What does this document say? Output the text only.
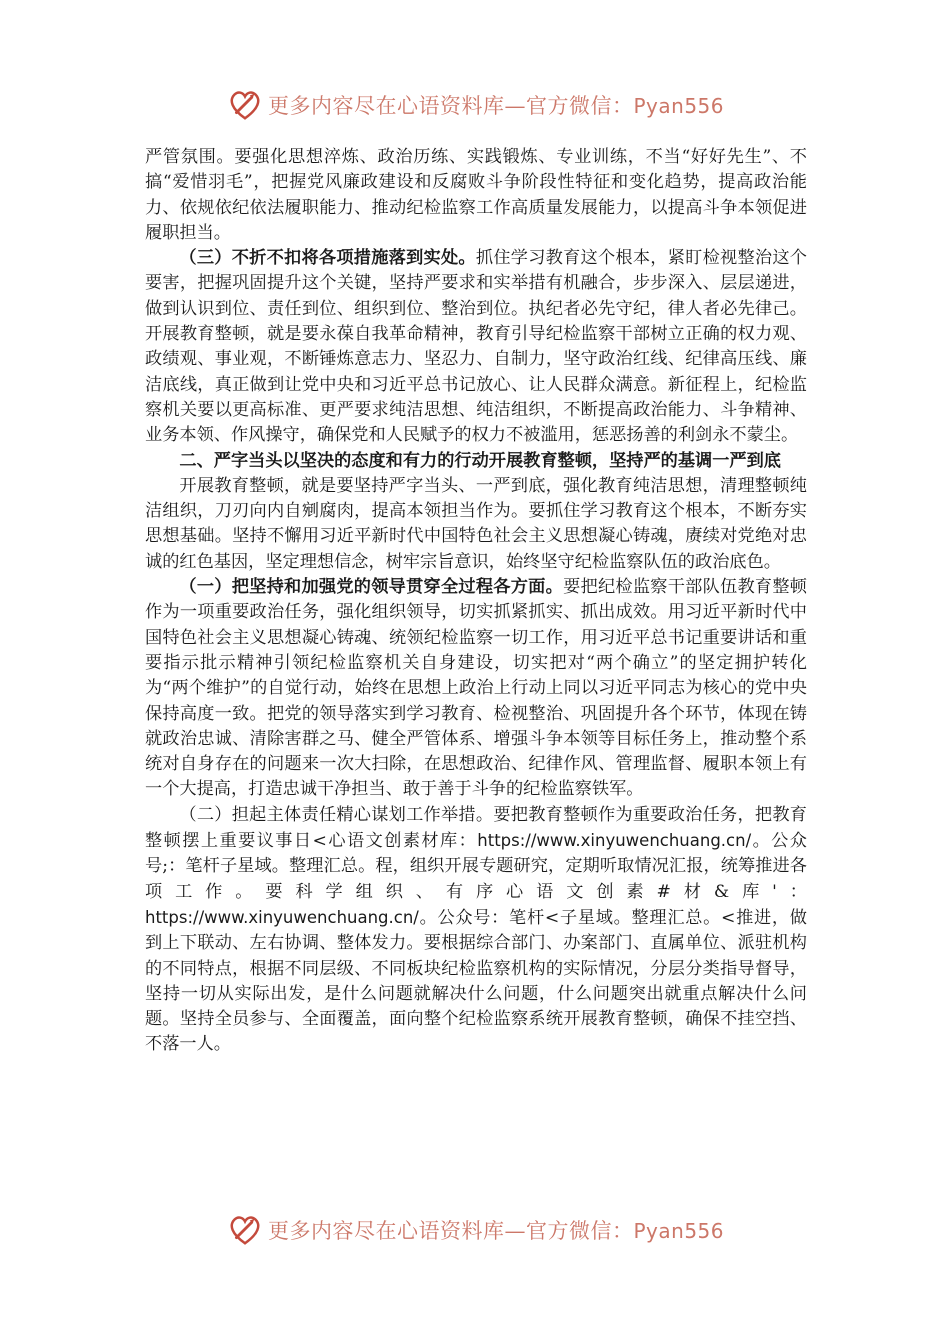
更多内容尽在心语资料库—官方微信：Pyan556

严管氛围。要强化思想淬炼、政治历练、实践锻炼、专业训练，不当“好好先生”、不搞“爱惜羽毛”，把握党风廉政建设和反腐败斗争阶段性特征和变化趋势，提高政治能力、依规依纪依法履职能力、推动纪检监察工作高质量发展能力，以提高斗争本领促进履职担当。

（三）不折不扣将各项措施落到实处。抓住学习教育这个根本，紧盯检视整治这个要害，把握巩固提升这个关键，坚持严要求和实举措有机融合，步步深入、层层递进，做到认识到位、责任到位、组织到位、整治到位。执纪者必先守纪，律人者必先律己。开展教育整顿，就是要永葆自我革命精神，教育引导纪检监察干部树立正确的权力观、政绩观、事业观，不断锤炼意志力、坚忍力、自制力，坚守政治红线、纪律高压线、廉洁底线，真正做到让党中央和习近平总书记放心、让人民群众满意。新征程上，纪检监察机关要以更高标准、更严要求纯洁思想、纯洁组织，不断提高政治能力、斗争精神、业务本领、作风操守，确保党和人民赋予的权力不被滥用，惩恶扬善的利剑永不蒙尘。

二、严字当头以坚决的态度和有力的行动开展教育整顿，坚持严的基调一严到底

开展教育整顿，就是要坚持严字当头、一严到底，强化教育纯洁思想，清理整顿纯洁组织，刀刃向内自剜腐肉，提高本领担当作为。要抓住学习教育这个根本，不断夯实思想基础。坚持不懈用习近平新时代中国特色社会主义思想凝心铸魂，赓续对党绝对忠诚的红色基因，坚定理想信念，树牢宗旨意识，始终坚守纪检监察队伍的政治底色。

（一）把坚持和加强党的领导贯穿全过程各方面。要把纪检监察干部队伍教育整顿作为一项重要政治任务，强化组织领导，切实抓紧抓实、抓出成效。用习近平新时代中国特色社会主义思想凝心铸魂、统领纪检监察一切工作，用习近平总书记重要讲话和重要指示批示精神引领纪检监察机关自身建设，切实把对“两个确立”的坚定拥护转化为“两个维护”的自觉行动，始终在思想上政治上行动上同以习近平同志为核心的党中央保持高度一致。把党的领导落实到学习教育、检视整治、巩固提升各个环节，体现在铸就政治忠诚、清除害群之马、健全严管体系、增强斗争本领等目标任务上，推动整个系统对自身存在的问题来一次大扫除，在思想政治、纪律作风、管理监督、履职本领上有一个大提高，打造忠诚干净担当、敢于善于斗争的纪检监察铁军。

（二）担起主体责任精心谋划工作举措。要把教育整顿作为重要政治任务，把教育整顿摆上重要议事日<心语文创素材库：https://www.xinyuwenchuang.cn/。公众号;：笔杆子星域。整理汇总。程，组织开展专题研究，定期听取情况汇报，统筹推进各项工作。要科学组织、有序心语文创素#材&库'：https://www.xinyuwenchuang.cn/。公众号：笔杆<子星域。整理汇总。<推进，做到上下联动、左右协调、整体发力。要根据综合部门、办案部门、直属单位、派驻机构的不同特点，根据不同层级、不同板块纪检监察机构的实际情况，分层分类指导督导，坚持一切从实际出发，是什么问题就解决什么问题，什么问题突出就重点解决什么问题。坚持全员参与、全面覆盖，面向整个纪检监察系统开展教育整顿，确保不挂空挡、不落一人。

更多内容尽在心语资料库—官方微信：Pyan556
